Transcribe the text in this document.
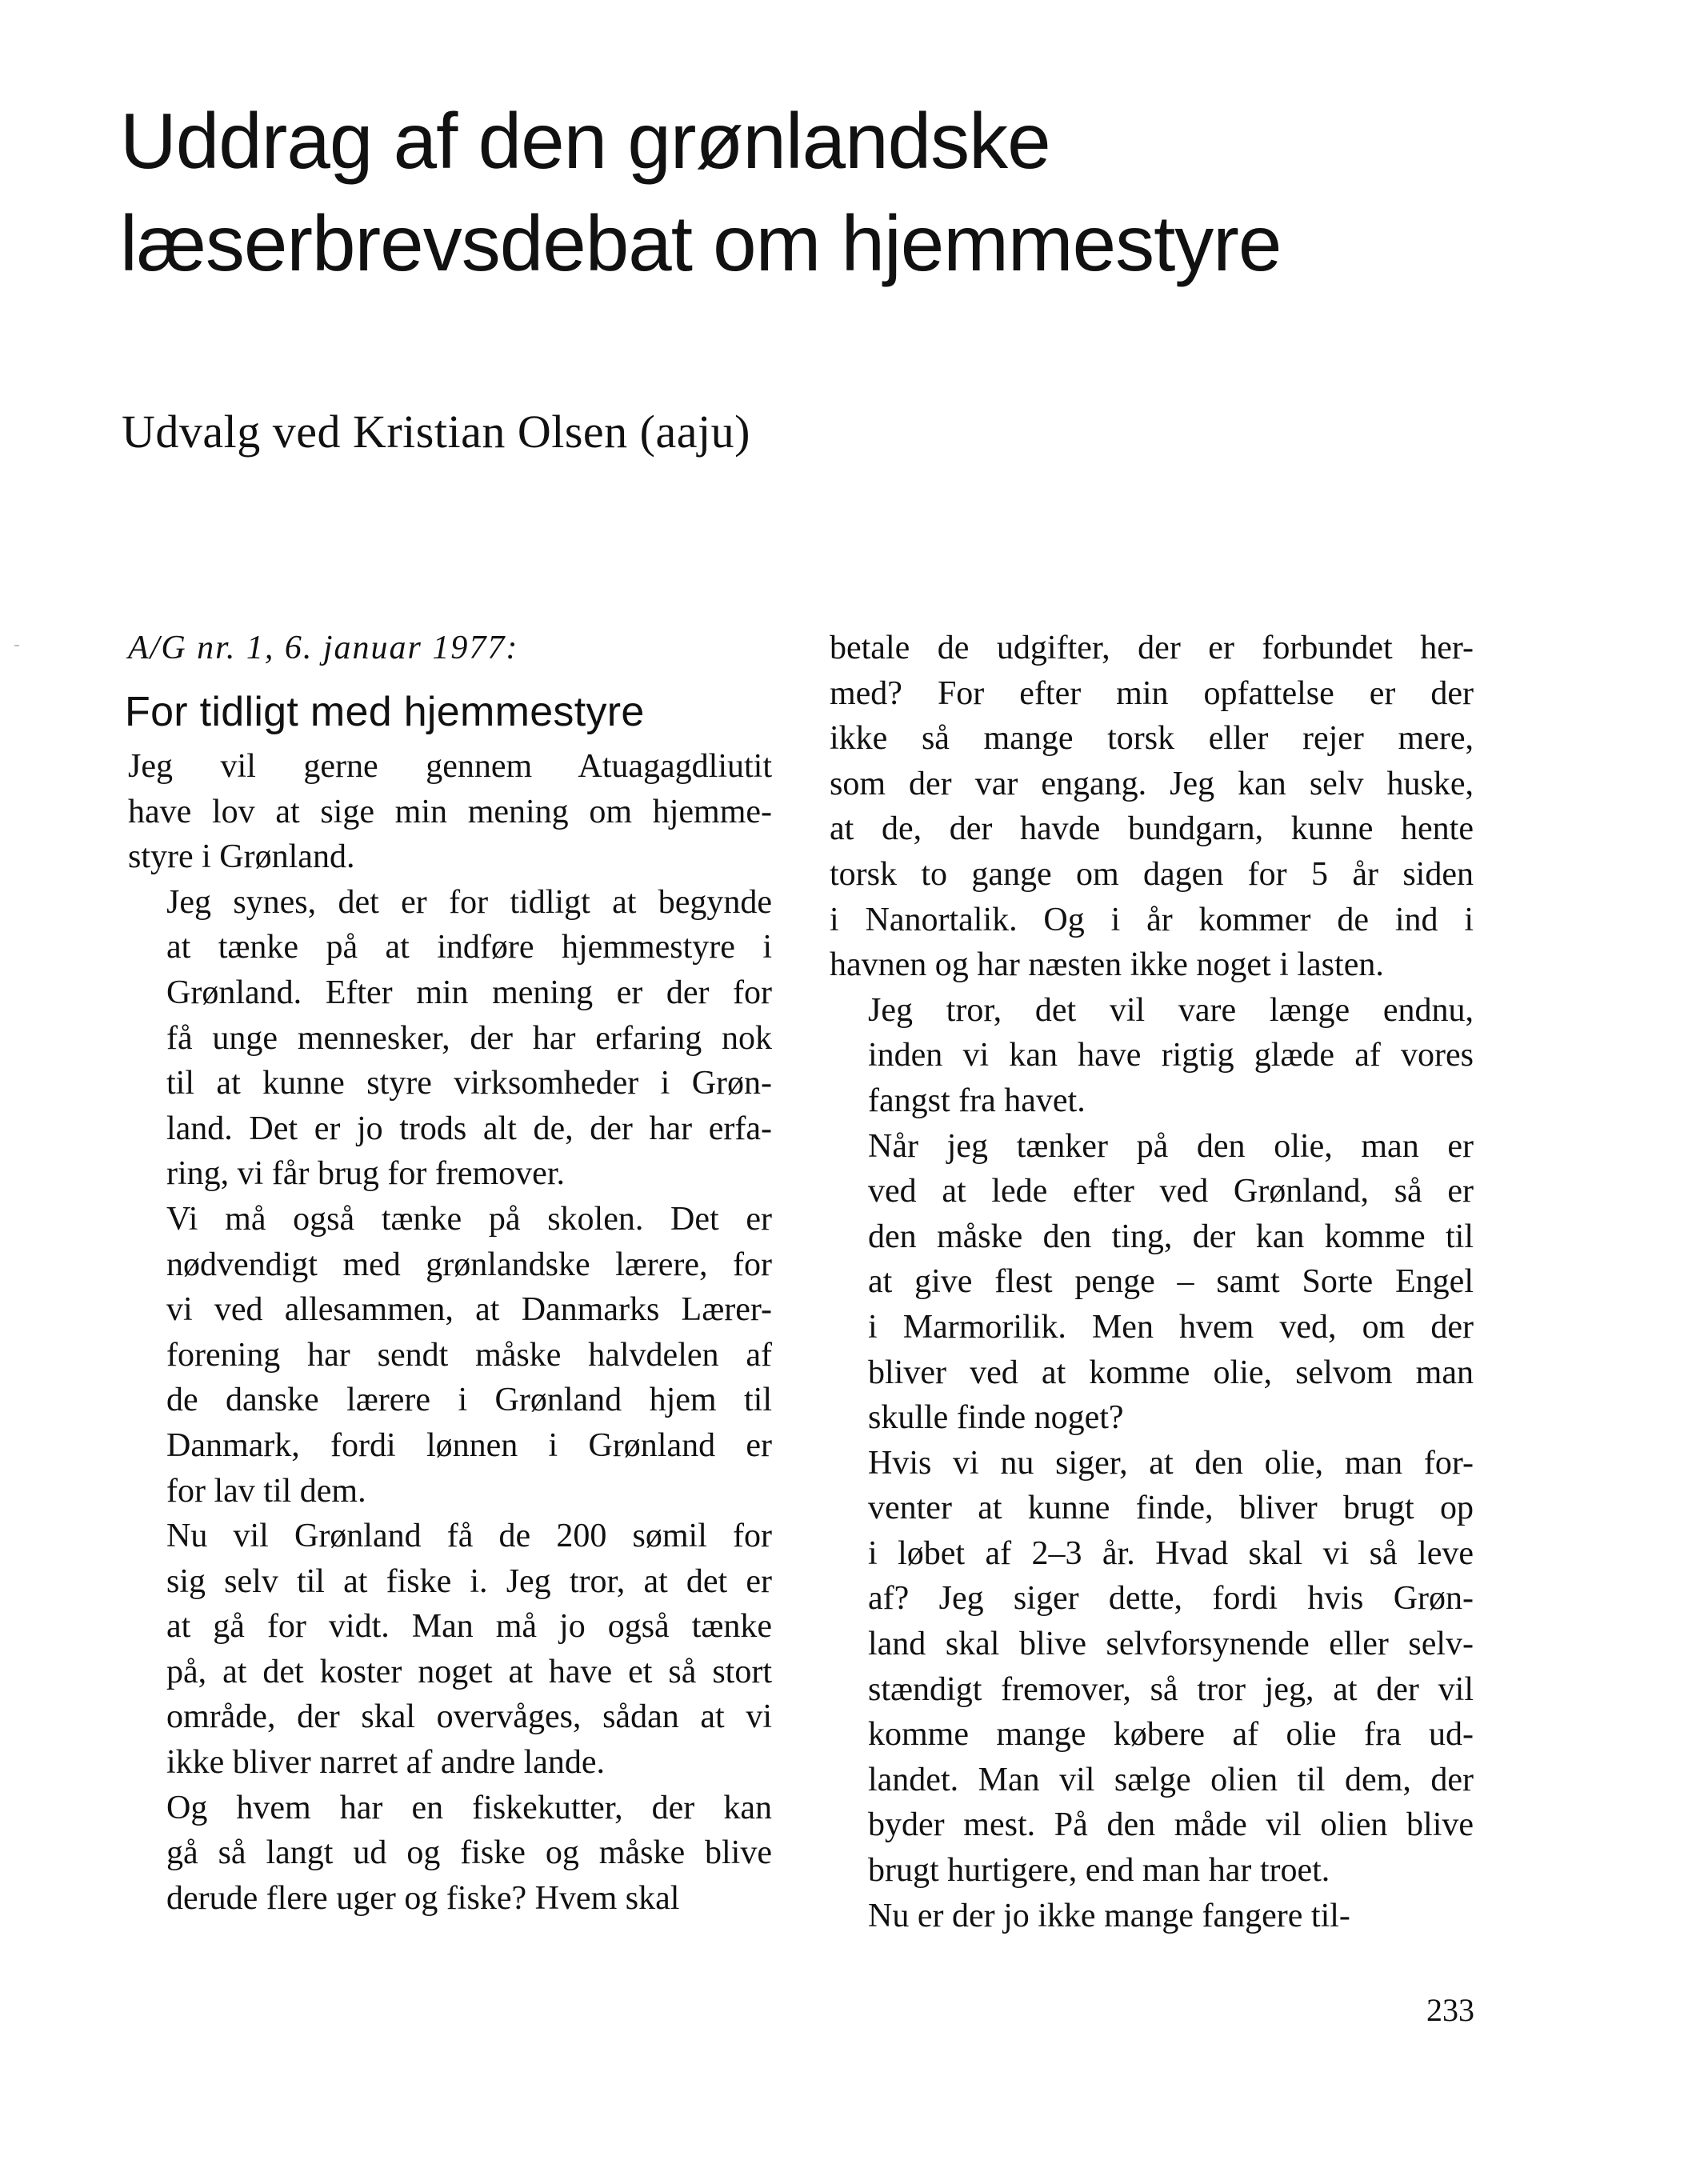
Uddrag af den grønlandske
læserbrevsdebat om hjemmestyre

Udvalg ved Kristian Olsen (aaju)

A/G nr. 1, 6. januar 1977:

For tidligt med hjemmestyre

Jeg vil gerne gennem Atuagagdliutit
have lov at sige min mening om hjemme-
styre i Grønland.

Jeg synes, det er for tidligt at begynde
at tænke på at indføre hjemmestyre i
Grønland. Efter min mening er der for
få unge mennesker, der har erfaring nok
til at kunne styre virksomheder i Grøn-
land. Det er jo trods alt de, der har erfa-
ring, vi får brug for fremover.

Vi må også tænke på skolen. Det er
nødvendigt med grønlandske lærere, for
vi ved allesammen, at Danmarks Lærer-
forening har sendt måske halvdelen af
de danske lærere i Grønland hjem til
Danmark, fordi lønnen i Grønland er
for lav til dem.

Nu vil Grønland få de 200 sømil for
sig selv til at fiske i. Jeg tror, at det er
at gå for vidt. Man må jo også tænke
på, at det koster noget at have et så stort
område, der skal overvåges, sådan at vi
ikke bliver narret af andre lande.

Og hvem har en fiskekutter, der kan
gå så langt ud og fiske og måske blive
derude flere uger og fiske? Hvem skal

betale de udgifter, der er forbundet her-
med? For efter min opfattelse er der
ikke så mange torsk eller rejer mere,
som der var engang. Jeg kan selv huske,
at de, der havde bundgarn, kunne hente
torsk to gange om dagen for 5 år siden
i Nanortalik. Og i år kommer de ind i
havnen og har næsten ikke noget i lasten.

Jeg tror, det vil vare længe endnu,
inden vi kan have rigtig glæde af vores
fangst fra havet.

Når jeg tænker på den olie, man er
ved at lede efter ved Grønland, så er
den måske den ting, der kan komme til
at give flest penge – samt Sorte Engel
i Marmorilik. Men hvem ved, om der
bliver ved at komme olie, selvom man
skulle finde noget?

Hvis vi nu siger, at den olie, man for-
venter at kunne finde, bliver brugt op
i løbet af 2–3 år. Hvad skal vi så leve
af? Jeg siger dette, fordi hvis Grøn-
land skal blive selvforsynende eller selv-
stændigt fremover, så tror jeg, at der vil
komme mange købere af olie fra ud-
landet. Man vil sælge olien til dem, der
byder mest. På den måde vil olien blive
brugt hurtigere, end man har troet.

Nu er der jo ikke mange fangere til-

233
